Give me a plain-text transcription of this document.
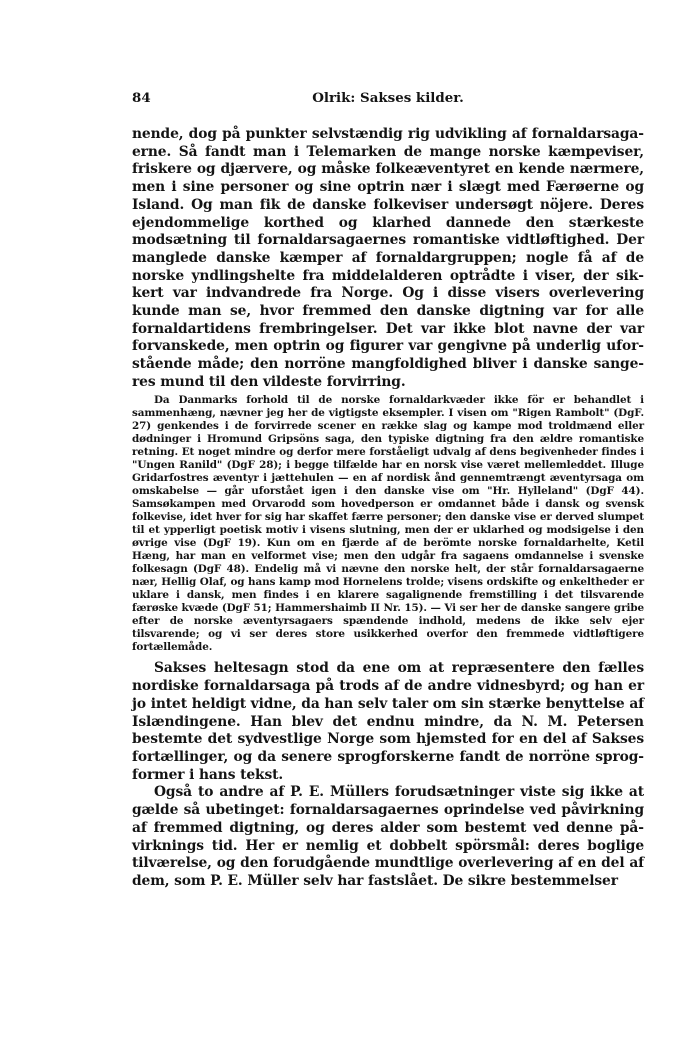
84	Olrik: Sakses kilder.

nende, dog på punkter selvstændig rig udvikling af fornaldarsagaerne. Så fandt man i Telemarken de mange norske kæmpeviser, friskere og djærvere, og måske folkeæventyret en kende nærmere, men i sine personer og sine optrin nær i slægt med Færøerne og Island. Og man fik de danske folkeviser undersøgt nöjere. Deres ejendommelige korthed og klarhed dannede den stærkeste modsætning til fornaldarsagaernes romantiske vidtløftighed. Der manglede danske kæmper af fornaldargruppen; nogle få af de norske yndlingshelte fra middelalderen optrådte i viser, der sikkert var indvandrede fra Norge. Og i disse visers overlevering kunde man se, hvor fremmed den danske digtning var for alle fornaldartidens frembringelser. Det var ikke blot navne der var forvanskede, men optrin og figurer var gengivne på underlig uforstående måde; den norröne mangfoldighed bliver i danske sangeres mund til den vildeste forvirring.

Da Danmarks forhold til de norske fornaldarkvæder ikke för er behandlet i sammenhæng, nævner jeg her de vigtigste eksempler. I visen om "Rigen Rambolt" (DgF. 27) genkendes i de forvirrede scener en række slag og kampe mod troldmænd eller dødninger i Hromund Gripsöns saga, den typiske digtning fra den ældre romantiske retning. Et noget mindre og derfor mere forståeligt udvalg af dens begivenheder findes i "Ungen Ranild" (DgF 28); i begge tilfælde har en norsk vise været mellemleddet. Illuge Gridarfostres æventyr i jættehulen — en af nordisk ånd gennemtrængt æventyrsaga om omskabelse — går uforstået igen i den danske vise om "Hr. Hylleland" (DgF 44). Samsøkampen med Orvarodd som hovedperson er omdannet både i dansk og svensk folkevise, idet hver for sig har skaffet færre personer; den danske vise er derved slumpet til et ypperligt poetisk motiv i visens slutning, men der er uklarhed og modsigelse i den øvrige vise (DgF 19). Kun om en fjærde af de berömte norske fornaldarhelte, Ketil Hæng, har man en velformet vise; men den udgår fra sagaens omdannelse i svenske folkesagn (DgF 48). Endelig må vi nævne den norske helt, der står fornaldarsagaerne nær, Hellig Olaf, og hans kamp mod Hornelens trolde; visens ordskifte og enkeltheder er uklare i dansk, men findes i en klarere sagalignende fremstilling i det tilsvarende færøske kvæde (DgF 51; Hammershaimb II Nr. 15). — Vi ser her de danske sangere gribe efter de norske æventyrsagaers spændende indhold, medens de ikke selv ejer tilsvarende; og vi ser deres store usikkerhed overfor den fremmede vidtløftigere fortællemåde.

Sakses heltesagn stod da ene om at repræsentere den fælles nordiske fornaldarsaga på trods af de andre vidnesbyrd; og han er jo intet heldigt vidne, da han selv taler om sin stærke benyttelse af Islændingene. Han blev det endnu mindre, da N. M. Petersen bestemte det sydvestlige Norge som hjemsted for en del af Sakses fortællinger, og da senere sprogforskerne fandt de norröne sprogformer i hans tekst.

Også to andre af P. E. Müllers forudsætninger viste sig ikke at gælde så ubetinget: fornaldarsagaernes oprindelse ved påvirkning af fremmed digtning, og deres alder som bestemt ved denne påvirknings tid. Her er nemlig et dobbelt spörsmål: deres boglige tilværelse, og den forudgående mundtlige overlevering af en del af dem, som P. E. Müller selv har fastslået. De sikre bestemmelser
